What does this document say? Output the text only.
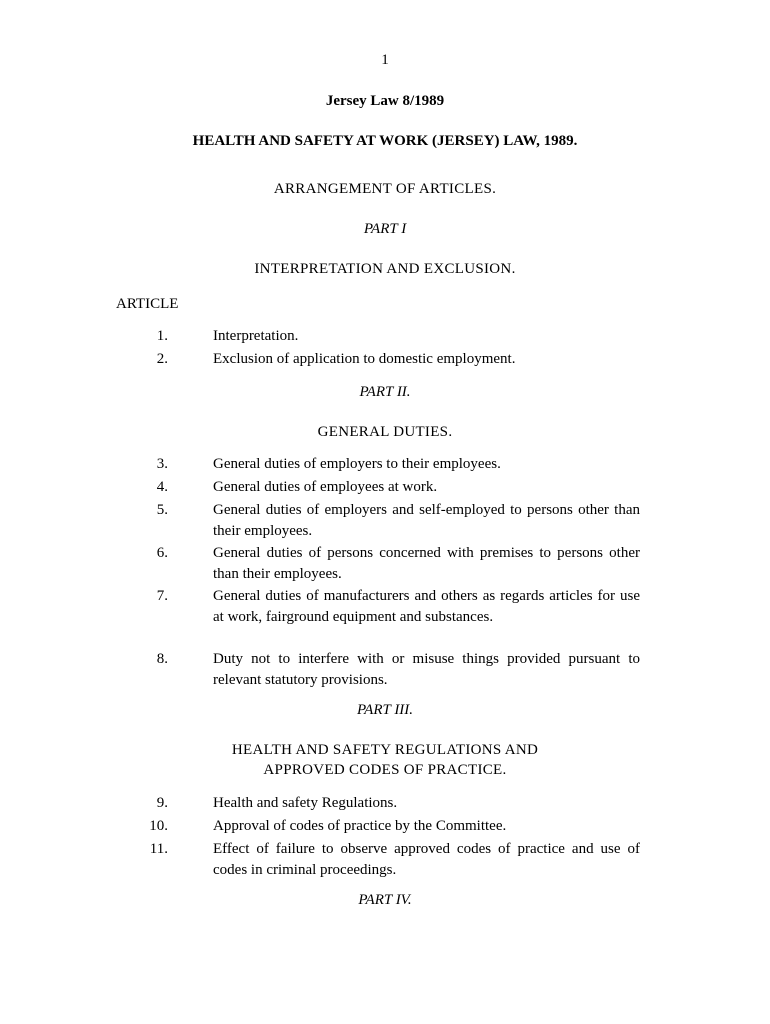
1

Jersey Law 8/1989

HEALTH AND SAFETY AT WORK (JERSEY) LAW, 1989.

ARRANGEMENT OF ARTICLES.

PART I

INTERPRETATION AND EXCLUSION.

ARTICLE

1.	Interpretation.
2.	Exclusion of application to domestic employment.

PART II.

GENERAL DUTIES.

3.	General duties of employers to their employees.
4.	General duties of employees at work.
5.	General duties of employers and self-employed to persons other than their employees.
6.	General duties of persons concerned with premises to persons other than their employees.
7.	General duties of manufacturers and others as regards articles for use at work, fairground equipment and substances.
8.	Duty not to interfere with or misuse things provided pursuant to relevant statutory provisions.

PART III.

HEALTH AND SAFETY REGULATIONS AND
APPROVED CODES OF PRACTICE.
9.	Health and safety Regulations.
10.	Approval of codes of practice by the Committee.
11.	Effect of failure to observe approved codes of practice and use of codes in criminal proceedings.

PART IV.
